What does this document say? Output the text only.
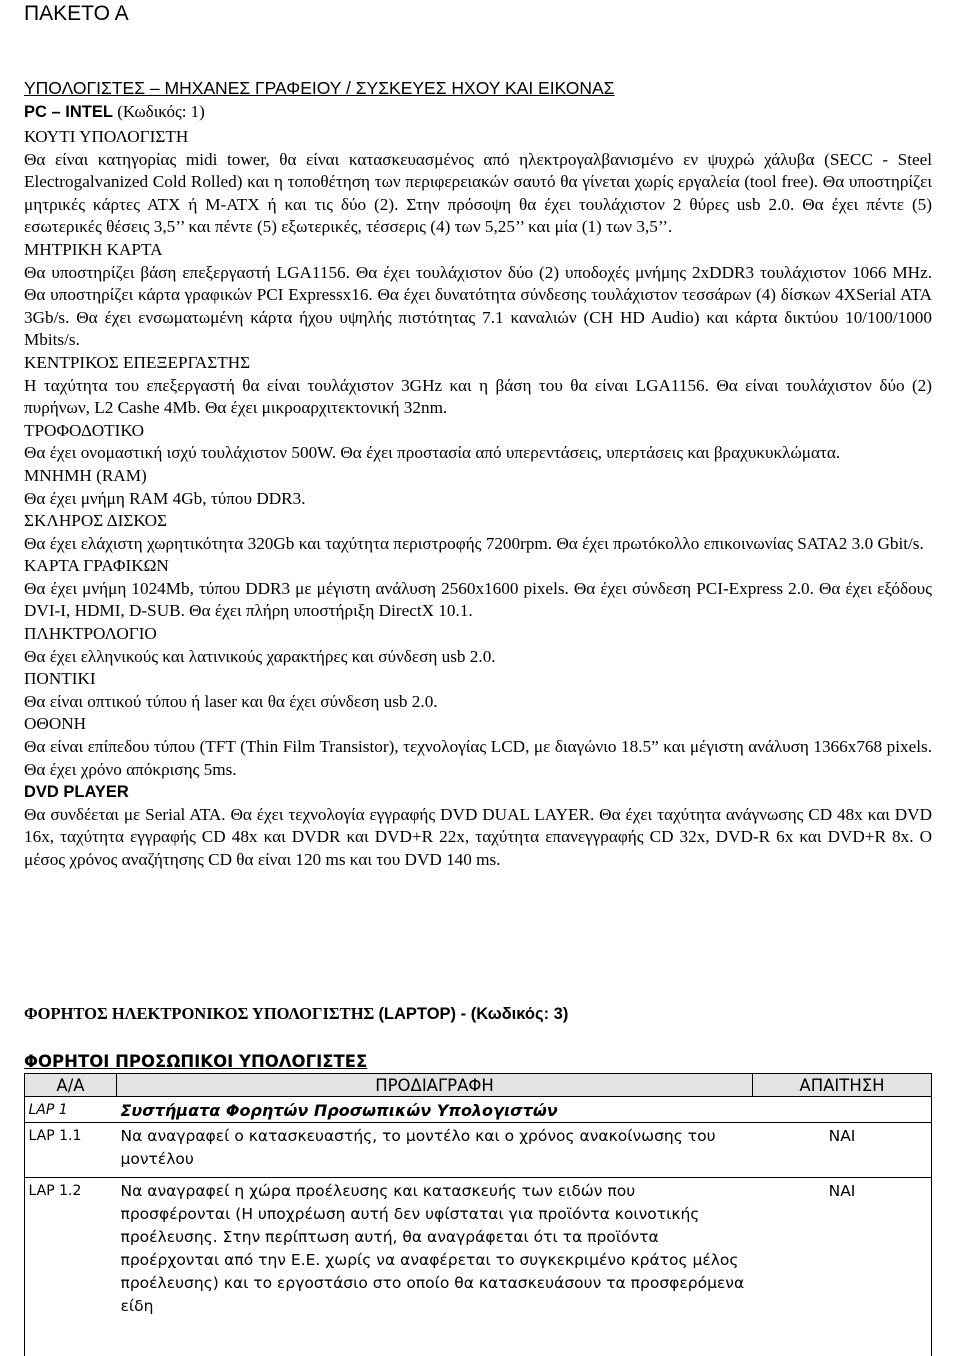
ΠΑΚΕΤΟ Α
ΥΠΟΛΟΓΙΣΤΕΣ – ΜΗΧΑΝΕΣ ΓΡΑΦΕΙΟΥ / ΣΥΣΚΕΥΕΣ ΗΧΟΥ ΚΑΙ ΕΙΚΟΝΑΣ
PC – INTEL (Κωδικός: 1)
ΚΟΥΤΙ ΥΠΟΛΟΓΙΣΤΗ

Θα είναι κατηγορίας midi tower, θα είναι κατασκευασμένος από ηλεκτρογαλβανισμένο εν ψυχρώ χάλυβα (SECC - Steel Electrogalvanized Cold Rolled) και η τοποθέτηση των περιφερειακών σαυτό θα γίνεται χωρίς εργαλεία (tool free). Θα υποστηρίζει μητρικές κάρτες ΑΤΧ ή Μ-ΑΤΧ ή και τις δύο (2). Στην πρόσοψη θα έχει τουλάχιστον 2 θύρες usb 2.0. Θα έχει πέντε (5) εσωτερικές θέσεις 3,5’’ και πέντε (5) εξωτερικές, τέσσερις (4) των 5,25’’ και μία (1) των 3,5’’.

ΜΗΤΡΙΚΗ ΚΑΡΤΑ

Θα υποστηρίζει βάση επεξεργαστή LGA1156. Θα έχει τουλάχιστον δύο (2) υποδοχές μνήμης 2xDDR3 τουλάχιστον 1066 MHz. Θα υποστηρίζει κάρτα γραφικών PCI Expressx16. Θα έχει δυνατότητα σύνδεσης τουλάχιστον τεσσάρων (4) δίσκων 4XSerial ATA 3Gb/s. Θα έχει ενσωματωμένη κάρτα ήχου υψηλής πιστότητας 7.1 καναλιών (CH HD Audio) και κάρτα δικτύου 10/100/1000 Mbits/s.

ΚΕΝΤΡΙΚΟΣ ΕΠΕΞΕΡΓΑΣΤΗΣ

Η ταχύτητα του επεξεργαστή θα είναι τουλάχιστον 3GHz και η βάση του θα είναι LGA1156. Θα είναι τουλάχιστον δύο (2) πυρήνων, L2 Cashe 4Mb. Θα έχει μικροαρχιτεκτονική 32nm.

ΤΡΟΦΟΔΟΤΙΚΟ

Θα έχει ονομαστική ισχύ τουλάχιστον 500W. Θα έχει προστασία από υπερεντάσεις, υπερτάσεις και βραχυκυκλώματα.

ΜΝΗΜΗ (RAM)

Θα έχει μνήμη RAM 4Gb, τύπου DDR3.

ΣΚΛΗΡΟΣ ΔΙΣΚΟΣ

Θα έχει ελάχιστη χωρητικότητα 320Gb και ταχύτητα περιστροφής 7200rpm. Θα έχει πρωτόκολλο επικοινωνίας SATA2 3.0 Gbit/s.

ΚΑΡΤΑ ΓΡΑΦΙΚΩΝ

Θα έχει μνήμη 1024Mb, τύπου DDR3 με μέγιστη ανάλυση 2560x1600 pixels. Θα έχει σύνδεση PCI-Express 2.0. Θα έχει εξόδους DVI-I, HDMI, D-SUB. Θα έχει πλήρη υποστήριξη DirectX 10.1.

ΠΛΗΚΤΡΟΛΟΓΙΟ

Θα έχει ελληνικούς και λατινικούς χαρακτήρες και σύνδεση usb 2.0.

ΠΟΝΤΙΚΙ

Θα είναι οπτικού τύπου ή laser και θα έχει σύνδεση usb 2.0.

ΟΘΟΝΗ

Θα είναι επίπεδου τύπου (TFT (Thin Film Transistor), τεχνολογίας LCD, με διαγώνιο 18.5” και μέγιστη ανάλυση 1366x768 pixels. Θα έχει χρόνο απόκρισης 5ms.

DVD PLAYER

Θα συνδέεται με Serial ATA. Θα έχει τεχνολογία εγγραφής DVD DUAL LAYER. Θα έχει ταχύτητα ανάγνωσης CD 48x και DVD 16x, ταχύτητα εγγραφής CD 48x και DVDR και DVD+R 22x, ταχύτητα επανεγγραφής CD 32x, DVD-R 6x και DVD+R 8x. Ο μέσος χρόνος αναζήτησης CD θα είναι 120 ms και του DVD 140 ms.

ΦΟΡΗΤΟΣ ΗΛΕΚΤΡΟΝΙΚΟΣ ΥΠΟΛΟΓΙΣΤΗΣ (LAPTOP) - (Κωδικός: 3)
ΦΟΡΗΤΟΙ ΠΡΟΣΩΠΙΚΟΙ ΥΠΟΛΟΓΙΣΤΕΣ
Α/Α	ΠΡΟΔΙΑΓΡΑΦΗ	ΑΠΑΙΤΗΣΗ
LAP 1	Συστήματα Φορητών Προσωπικών Υπολογιστών	
LAP 1.1	Να αναγραφεί ο κατασκευαστής, το μοντέλο και ο χρόνος ανακοίνωσης του μοντέλου	ΝΑΙ
LAP 1.2	Να αναγραφεί η χώρα προέλευσης και κατασκευής των ειδών που προσφέρονται (Η υποχρέωση αυτή δεν υφίσταται για προϊόντα κοινοτικής προέλευσης. Στην περίπτωση αυτή, θα αναγράφεται ότι τα προϊόντα προέρχονται από την Ε.Ε. χωρίς να αναφέρεται το συγκεκριμένο κράτος μέλος προέλευσης) και το εργοστάσιο στο οποίο θα κατασκευάσουν τα προσφερόμενα είδη	ΝΑΙ
